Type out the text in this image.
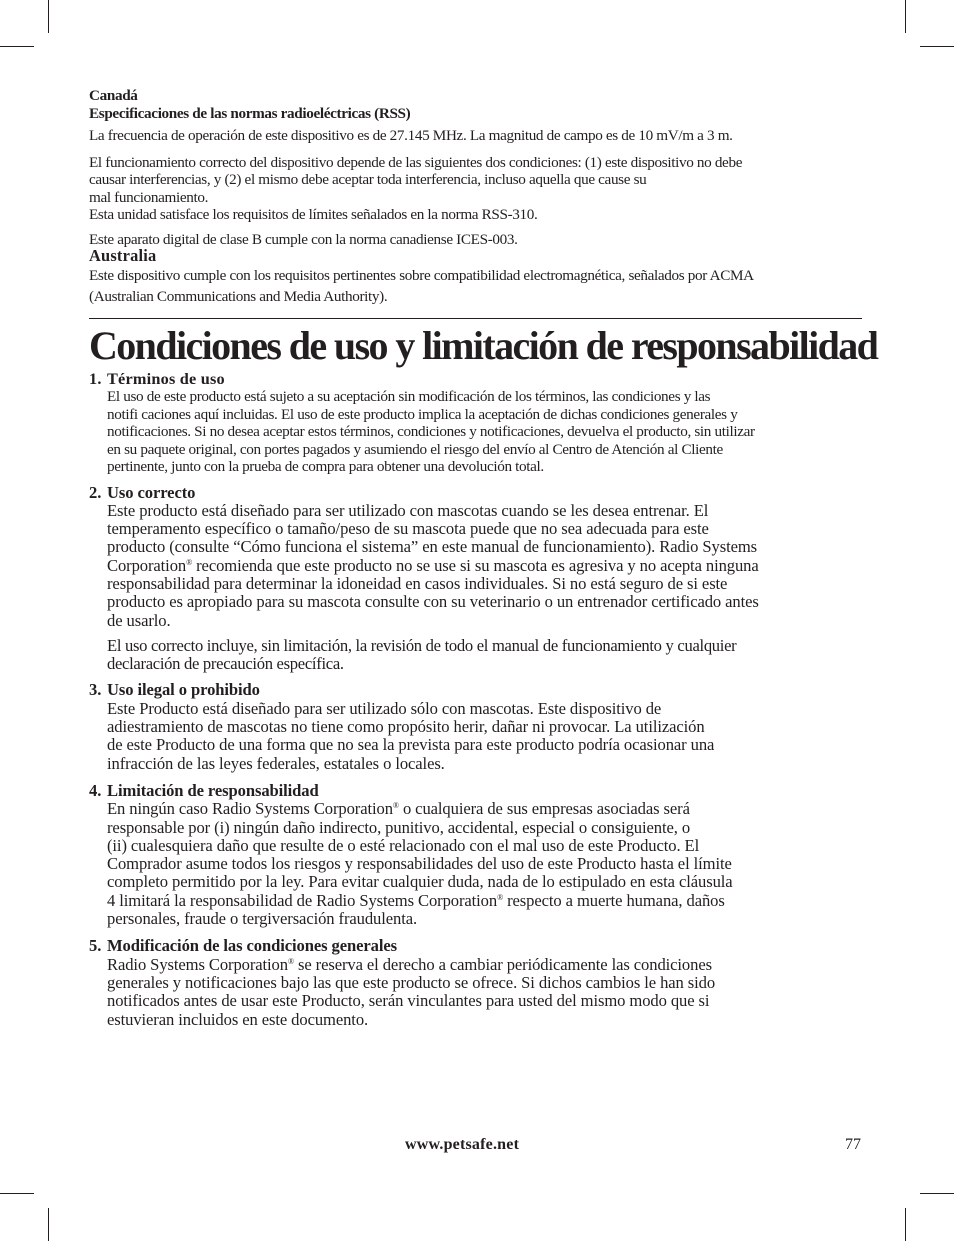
Canadá

Especificaciones de las normas radioeléctricas (RSS)

La frecuencia de operación de este dispositivo es de 27.145 MHz. La magnitud de campo es de 10 mV/m a 3 m.

El funcionamiento correcto del dispositivo depende de las siguientes dos condiciones: (1) este dispositivo no debe
causar interferencias, y (2) el mismo debe aceptar toda interferencia, incluso aquella que cause su
mal funcionamiento.

Esta unidad satisface los requisitos de límites señalados en la norma RSS-310.

Este aparato digital de clase B cumple con la norma canadiense ICES-003.

Australia

Este dispositivo cumple con los requisitos pertinentes sobre compatibilidad electromagnética, señalados por ACMA
(Australian Communications and Media Authority).
Condiciones de uso y limitación de responsabilidad
1. Términos de uso
El uso de este producto está sujeto a su aceptación sin modificación de los términos, las condiciones y las
notifi caciones aquí incluidas. El uso de este producto implica la aceptación de dichas condiciones generales y
notificaciones. Si no desea aceptar estos términos, condiciones y notificaciones, devuelva el producto, sin utilizar
en su paquete original, con portes pagados y asumiendo el riesgo del envío al Centro de Atención al Cliente
pertinente, junto con la prueba de compra para obtener una devolución total.
2. Uso correcto
Este producto está diseñado para ser utilizado con mascotas cuando se les desea entrenar. El
temperamento específico o tamaño/peso de su mascota puede que no sea adecuada para este
producto (consulte “Cómo funciona el sistema” en este manual de funcionamiento). Radio Systems
Corporation® recomienda que este producto no se use si su mascota es agresiva y no acepta ninguna
responsabilidad para determinar la idoneidad en casos individuales. Si no está seguro de si este
producto es apropiado para su mascota consulte con su veterinario o un entrenador certificado antes
de usarlo.
El uso correcto incluye, sin limitación, la revisión de todo el manual de funcionamiento y cualquier
declaración de precaución específica.
3. Uso ilegal o prohibido
Este Producto está diseñado para ser utilizado sólo con mascotas. Este dispositivo de
adiestramiento de mascotas no tiene como propósito herir, dañar ni provocar. La utilización
de este Producto de una forma que no sea la prevista para este producto podría ocasionar una
infracción de las leyes federales, estatales o locales.
4. Limitación de responsabilidad
En ningún caso Radio Systems Corporation® o cualquiera de sus empresas asociadas será
responsable por (i) ningún daño indirecto, punitivo, accidental, especial o consiguiente, o
(ii) cualesquiera daño que resulte de o esté relacionado con el mal uso de este Producto. El
Comprador asume todos los riesgos y responsabilidades del uso de este Producto hasta el límite
completo permitido por la ley. Para evitar cualquier duda, nada de lo estipulado en esta cláusula
4 limitará la responsabilidad de Radio Systems Corporation® respecto a muerte humana, daños
personales, fraude o tergiversación fraudulenta.
5. Modificación de las condiciones generales
Radio Systems Corporation® se reserva el derecho a cambiar periódicamente las condiciones
generales y notificaciones bajo las que este producto se ofrece. Si dichos cambios le han sido
notificados antes de usar este Producto, serán vinculantes para usted del mismo modo que si
estuvieran incluidos en este documento.
www.petsafe.net	77
